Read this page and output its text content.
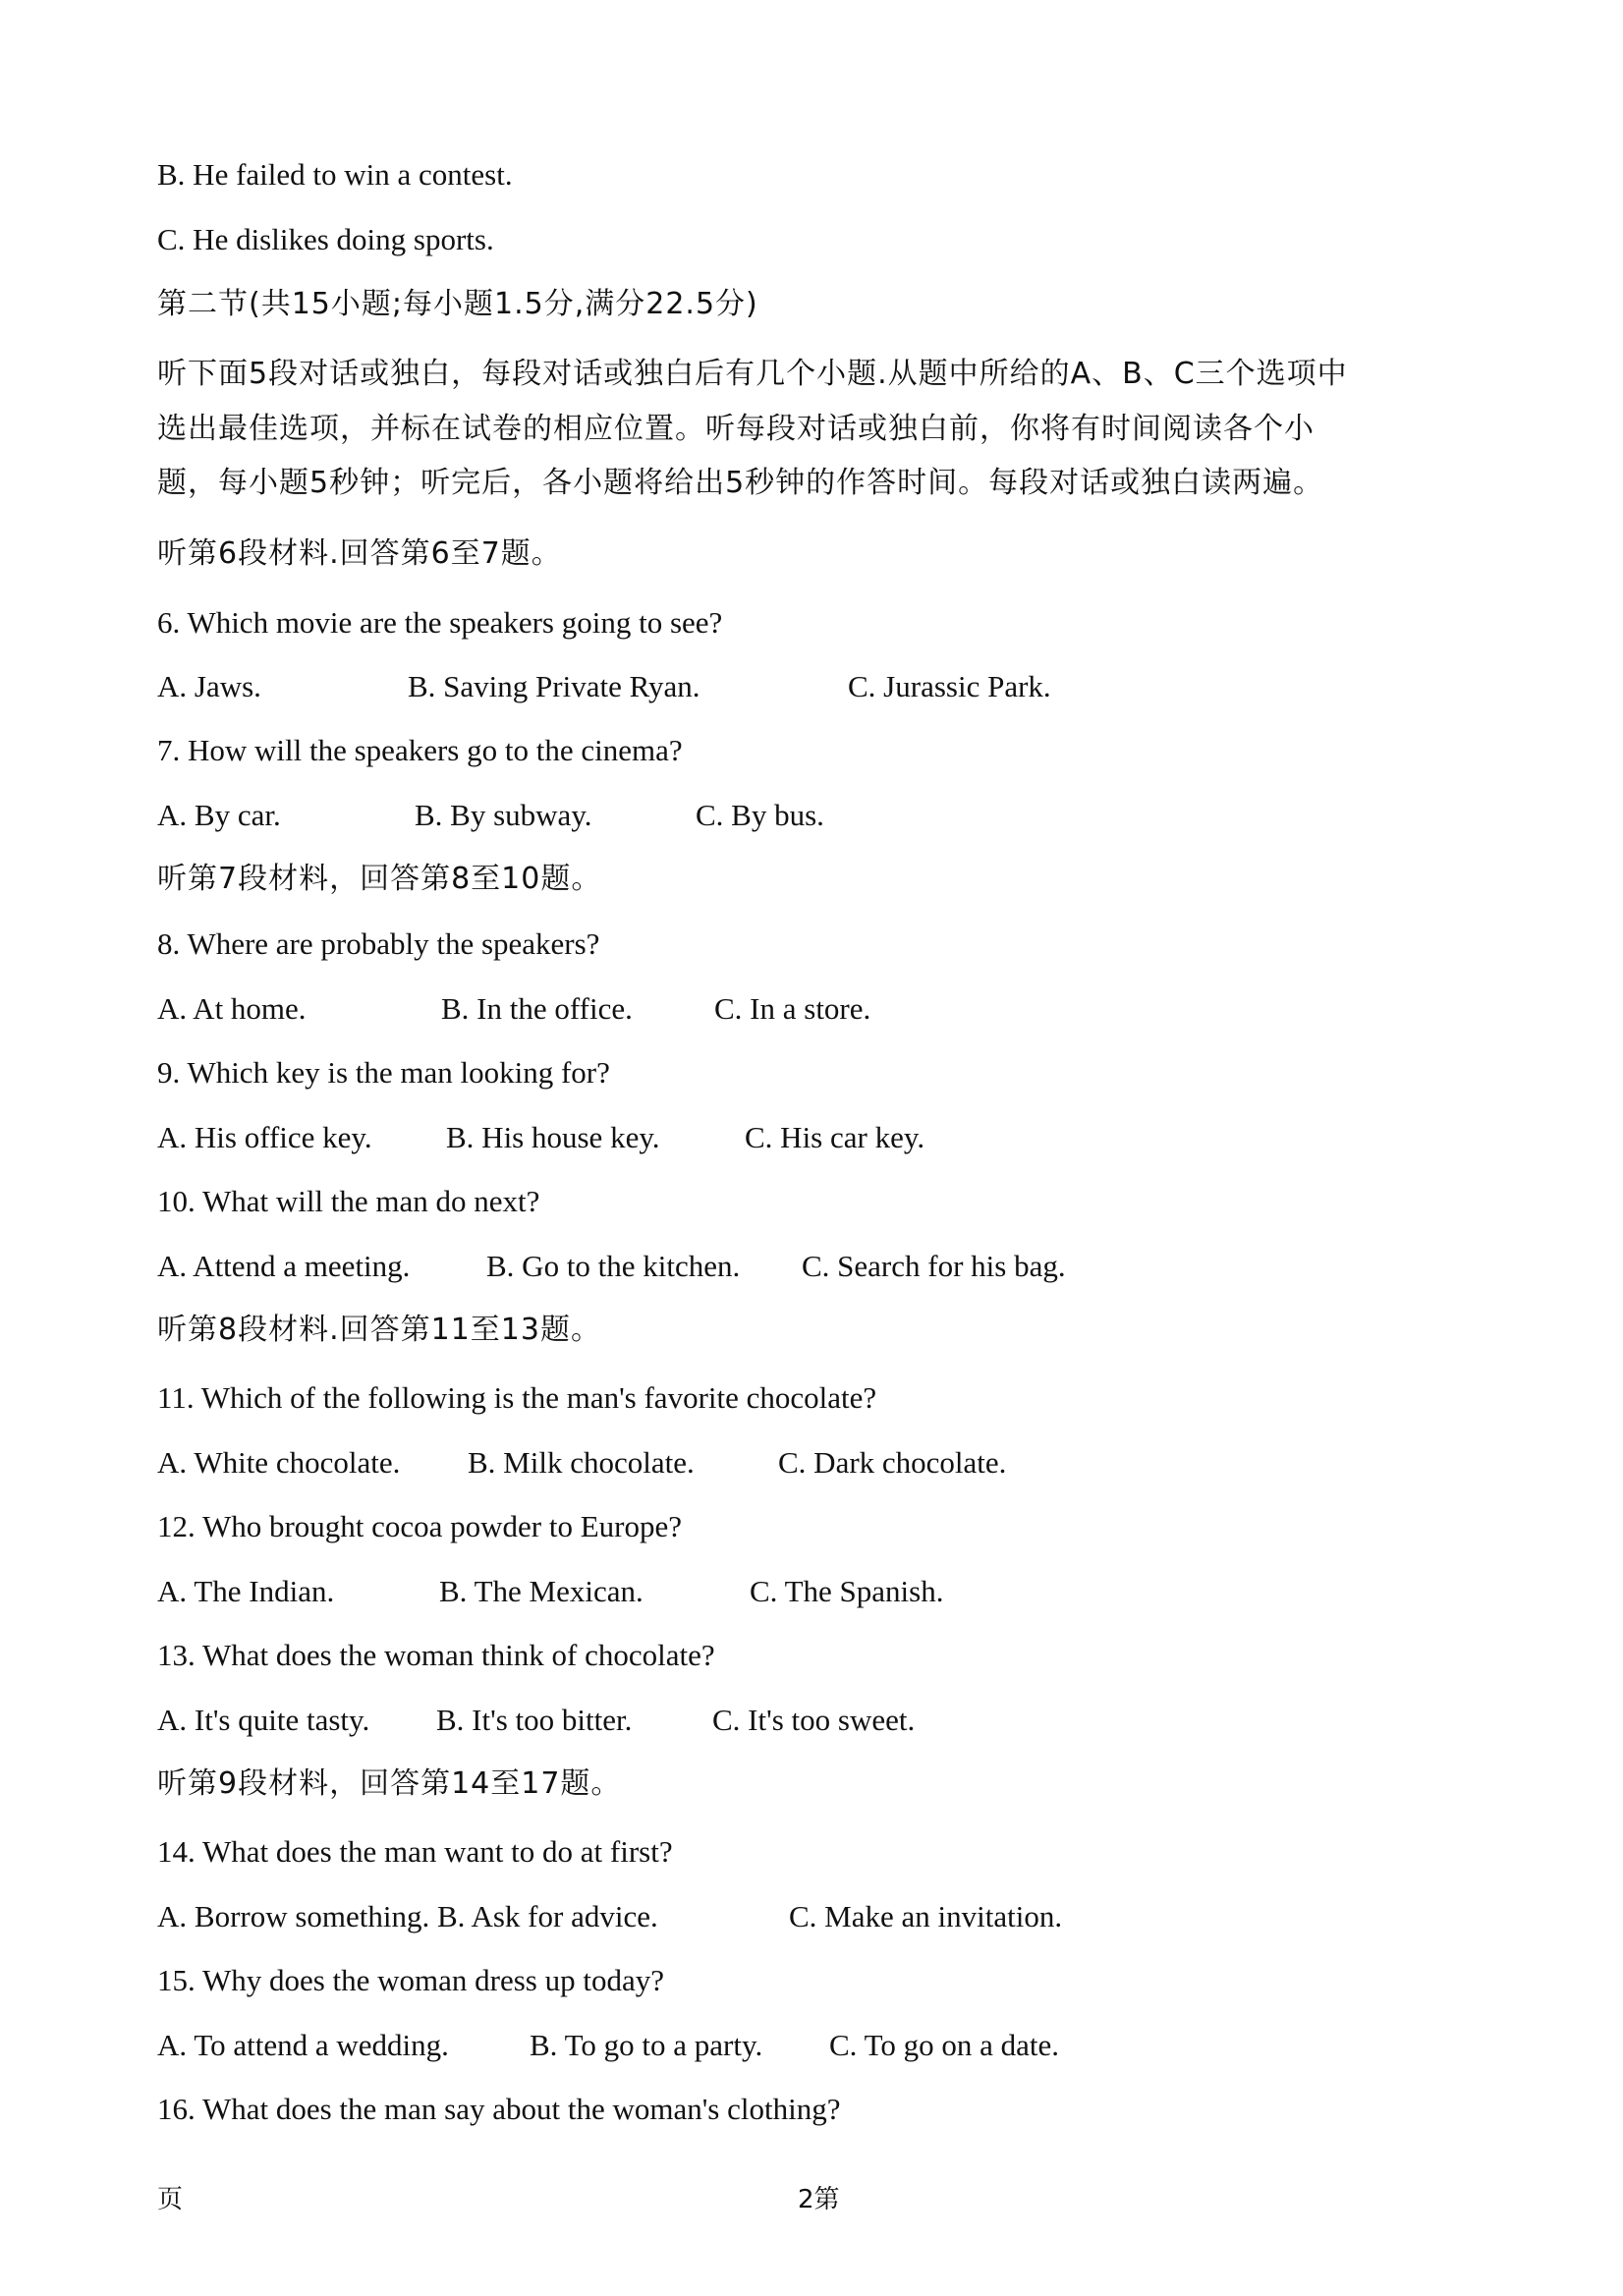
B. He failed to win a contest.
C. He dislikes doing sports.
第二节(共15小题;每小题1.5分,满分22.5分)
听下面5段对话或独白，每段对话或独白后有几个小题.从题中所给的A、B、C三个选项中
选出最佳选项，并标在试卷的相应位置。听每段对话或独白前，你将有时间阅读各个小
题，每小题5秒钟；听完后，各小题将给出5秒钟的作答时间。每段对话或独白读两遍。
听第6段材料.回答第6至7题。
6. Which movie are the speakers going to see?
A. Jaws.	B. Saving Private Ryan.	C. Jurassic Park.
7. How will the speakers go to the cinema?
A. By car.	B. By subway.	C. By bus.
听第7段材料，回答第8至10题。
8. Where are probably the speakers?
A. At home.	B. In the office.	C. In a store.
9. Which key is the man looking for?
A. His office key. B. His house key.	C. His car key.
10. What will the man do next?
A. Attend a meeting.	B. Go to the kitchen. C. Search for his bag.
听第8段材料.回答第11至13题。
11. Which of the following is the man's favorite chocolate?
A. White chocolate. B. Milk chocolate.	C. Dark chocolate.
12. Who brought cocoa powder to Europe?
A. The Indian.	B. The Mexican.	C. The Spanish.
13. What does the woman think of chocolate?
A. It's quite tasty. B. It's too bitter.	C. It's too sweet.
听第9段材料，回答第14至17题。
14. What does the man want to do at first?
A. Borrow something. B. Ask for advice.	C. Make an invitation.
15. Why does the woman dress up today?
A. To attend a wedding.	B. To go to a party. C. To go on a date.
16. What does the man say about the woman's clothing?
页	2第
